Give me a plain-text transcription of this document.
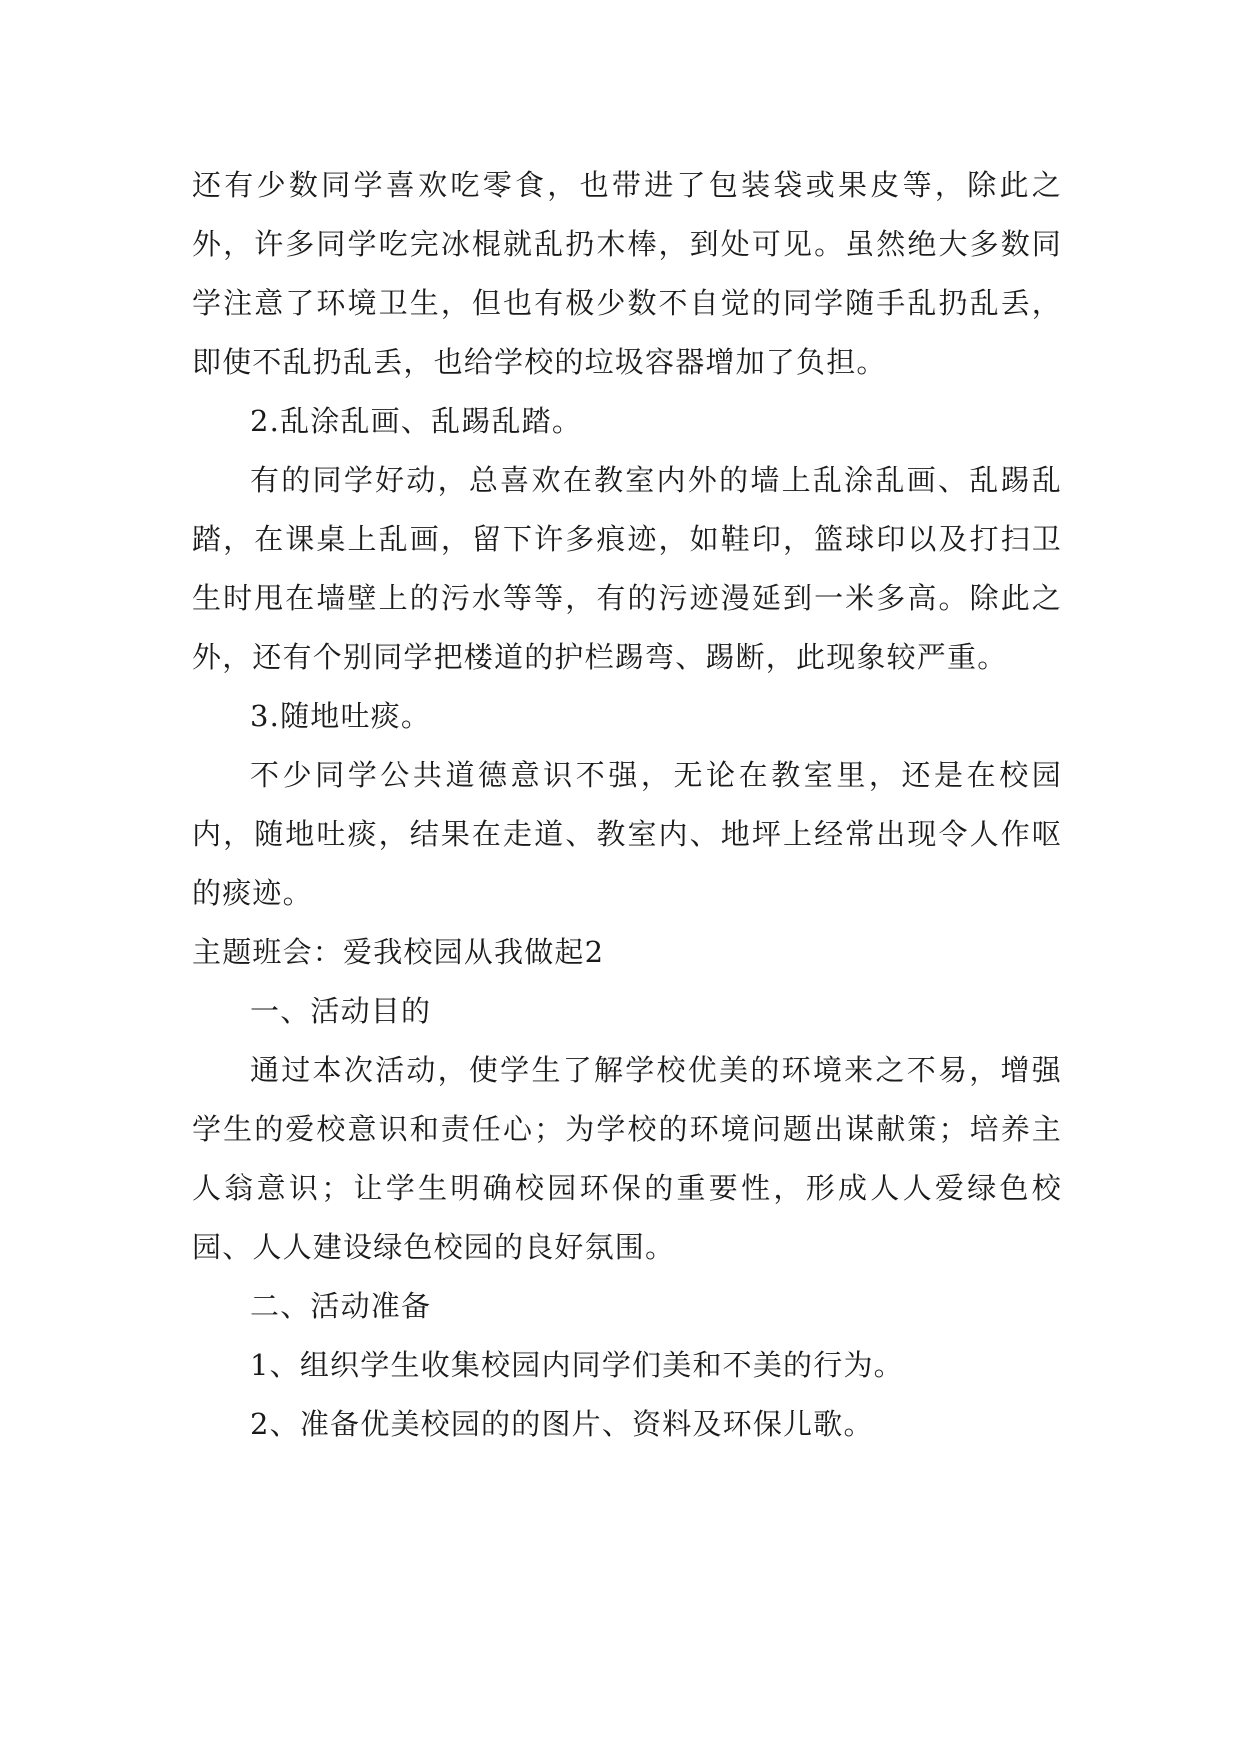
还有少数同学喜欢吃零食，也带进了包装袋或果皮等，除此之外，许多同学吃完冰棍就乱扔木棒，到处可见。虽然绝大多数同学注意了环境卫生，但也有极少数不自觉的同学随手乱扔乱丢，即使不乱扔乱丢，也给学校的垃圾容器增加了负担。

2.乱涂乱画、乱踢乱踏。

有的同学好动，总喜欢在教室内外的墙上乱涂乱画、乱踢乱踏，在课桌上乱画，留下许多痕迹，如鞋印，篮球印以及打扫卫生时甩在墙壁上的污水等等，有的污迹漫延到一米多高。除此之外，还有个别同学把楼道的护栏踢弯、踢断，此现象较严重。

3.随地吐痰。

不少同学公共道德意识不强，无论在教室里，还是在校园内，随地吐痰，结果在走道、教室内、地坪上经常出现令人作呕的痰迹。

主题班会：爱我校园从我做起2

一、活动目的

通过本次活动，使学生了解学校优美的环境来之不易，增强学生的爱校意识和责任心；为学校的环境问题出谋献策；培养主人翁意识；让学生明确校园环保的重要性，形成人人爱绿色校园、人人建设绿色校园的良好氛围。

二、活动准备

1、组织学生收集校园内同学们美和不美的行为。

2、准备优美校园的的图片、资料及环保儿歌。
